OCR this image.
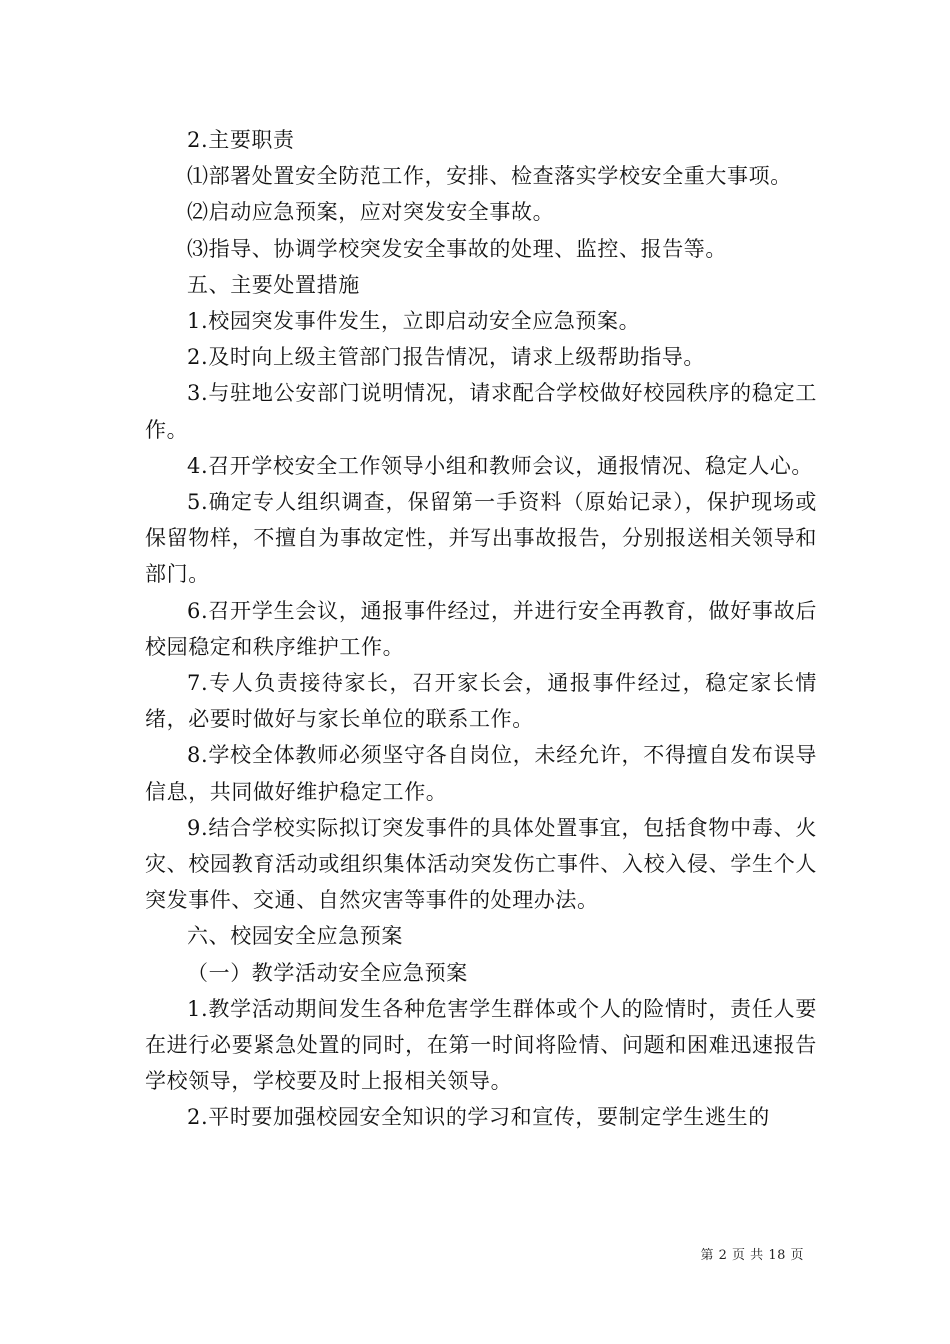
2.主要职责

⑴部署处置安全防范工作，安排、检查落实学校安全重大事项。

⑵启动应急预案，应对突发安全事故。

⑶指导、协调学校突发安全事故的处理、监控、报告等。

五、主要处置措施

1.校园突发事件发生，立即启动安全应急预案。

2.及时向上级主管部门报告情况，请求上级帮助指导。

3.与驻地公安部门说明情况，请求配合学校做好校园秩序的稳定工作。

4.召开学校安全工作领导小组和教师会议，通报情况、稳定人心。

5.确定专人组织调查，保留第一手资料（原始记录），保护现场或保留物样，不擅自为事故定性，并写出事故报告，分别报送相关领导和部门。

6.召开学生会议，通报事件经过，并进行安全再教育，做好事故后校园稳定和秩序维护工作。

7.专人负责接待家长，召开家长会，通报事件经过，稳定家长情绪，必要时做好与家长单位的联系工作。

8.学校全体教师必须坚守各自岗位，未经允许，不得擅自发布误导信息，共同做好维护稳定工作。

9.结合学校实际拟订突发事件的具体处置事宜，包括食物中毒、火灾、校园教育活动或组织集体活动突发伤亡事件、入校入侵、学生个人突发事件、交通、自然灾害等事件的处理办法。

六、校园安全应急预案

（一）教学活动安全应急预案

1.教学活动期间发生各种危害学生群体或个人的险情时，责任人要在进行必要紧急处置的同时，在第一时间将险情、问题和困难迅速报告学校领导，学校要及时上报相关领导。

2.平时要加强校园安全知识的学习和宣传，要制定学生逃生的

第 2 页 共 18 页
